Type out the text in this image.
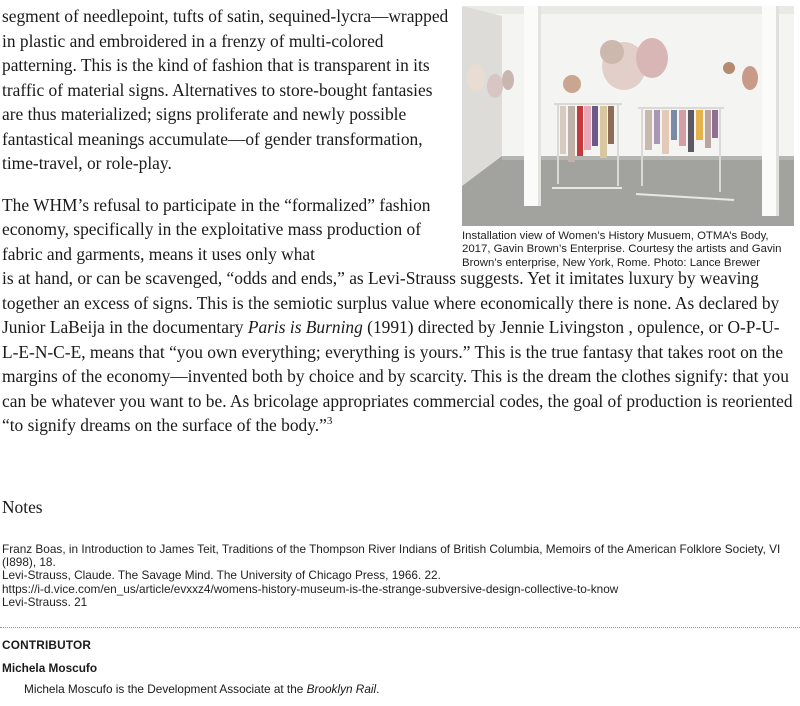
Installation view of Women’s History Musuem, OTMA’s Body, 2017, Gavin Brown’s Enterprise. Courtesy the artists and Gavin Brown’s enterprise, New York, Rome. Photo: Lance Brewer

segment of needlepoint, tufts of satin, sequined-lycra—wrapped in plastic and embroidered in a frenzy of multi-colored patterning. This is the kind of fashion that is transparent in its traffic of material signs. Alternatives to store-bought fantasies are thus materialized; signs proliferate and newly possible fantastical meanings accumulate—of gender transformation, time-travel, or role-play.

The WHM’s refusal to participate in the “formalized” fashion economy, specifically in the exploitative mass production of fabric and garments, means it uses only what
is at hand, or can be scavenged, “odds and ends,” as Levi-Strauss suggests. Yet it imitates luxury by weaving together an excess of signs. This is the semiotic surplus value where economically there is none. As declared by Junior LaBeija in the documentary Paris is Burning (1991) directed by Jennie Livingston , opulence, or O-P-U-L-E-N-C-E, means that “you own everything; everything is yours.” This is the true fantasy that takes root on the margins of the economy—invented both by choice and by scarcity. This is the dream the clothes signify: that you can be whatever you want to be. As bricolage appropriates commercial codes, the goal of production is reoriented “to signify dreams on the surface of the body.”$^3$

Notes
Franz Boas, in Introduction to James Teit, Traditions of the Thompson River Indians of British Columbia, Memoirs of the American Folklore Society, VI (I898), 18.
Levi-Strauss, Claude. The Savage Mind. The University of Chicago Press, 1966. 22.
https://i-d.vice.com/en_us/article/evxxz4/womens-history-museum-is-the-strange-subversive-design-collective-to-know
Levi-Strauss. 21
CONTRIBUTOR
Michela Moscufo
Michela Moscufo is the Development Associate at the Brooklyn Rail.
